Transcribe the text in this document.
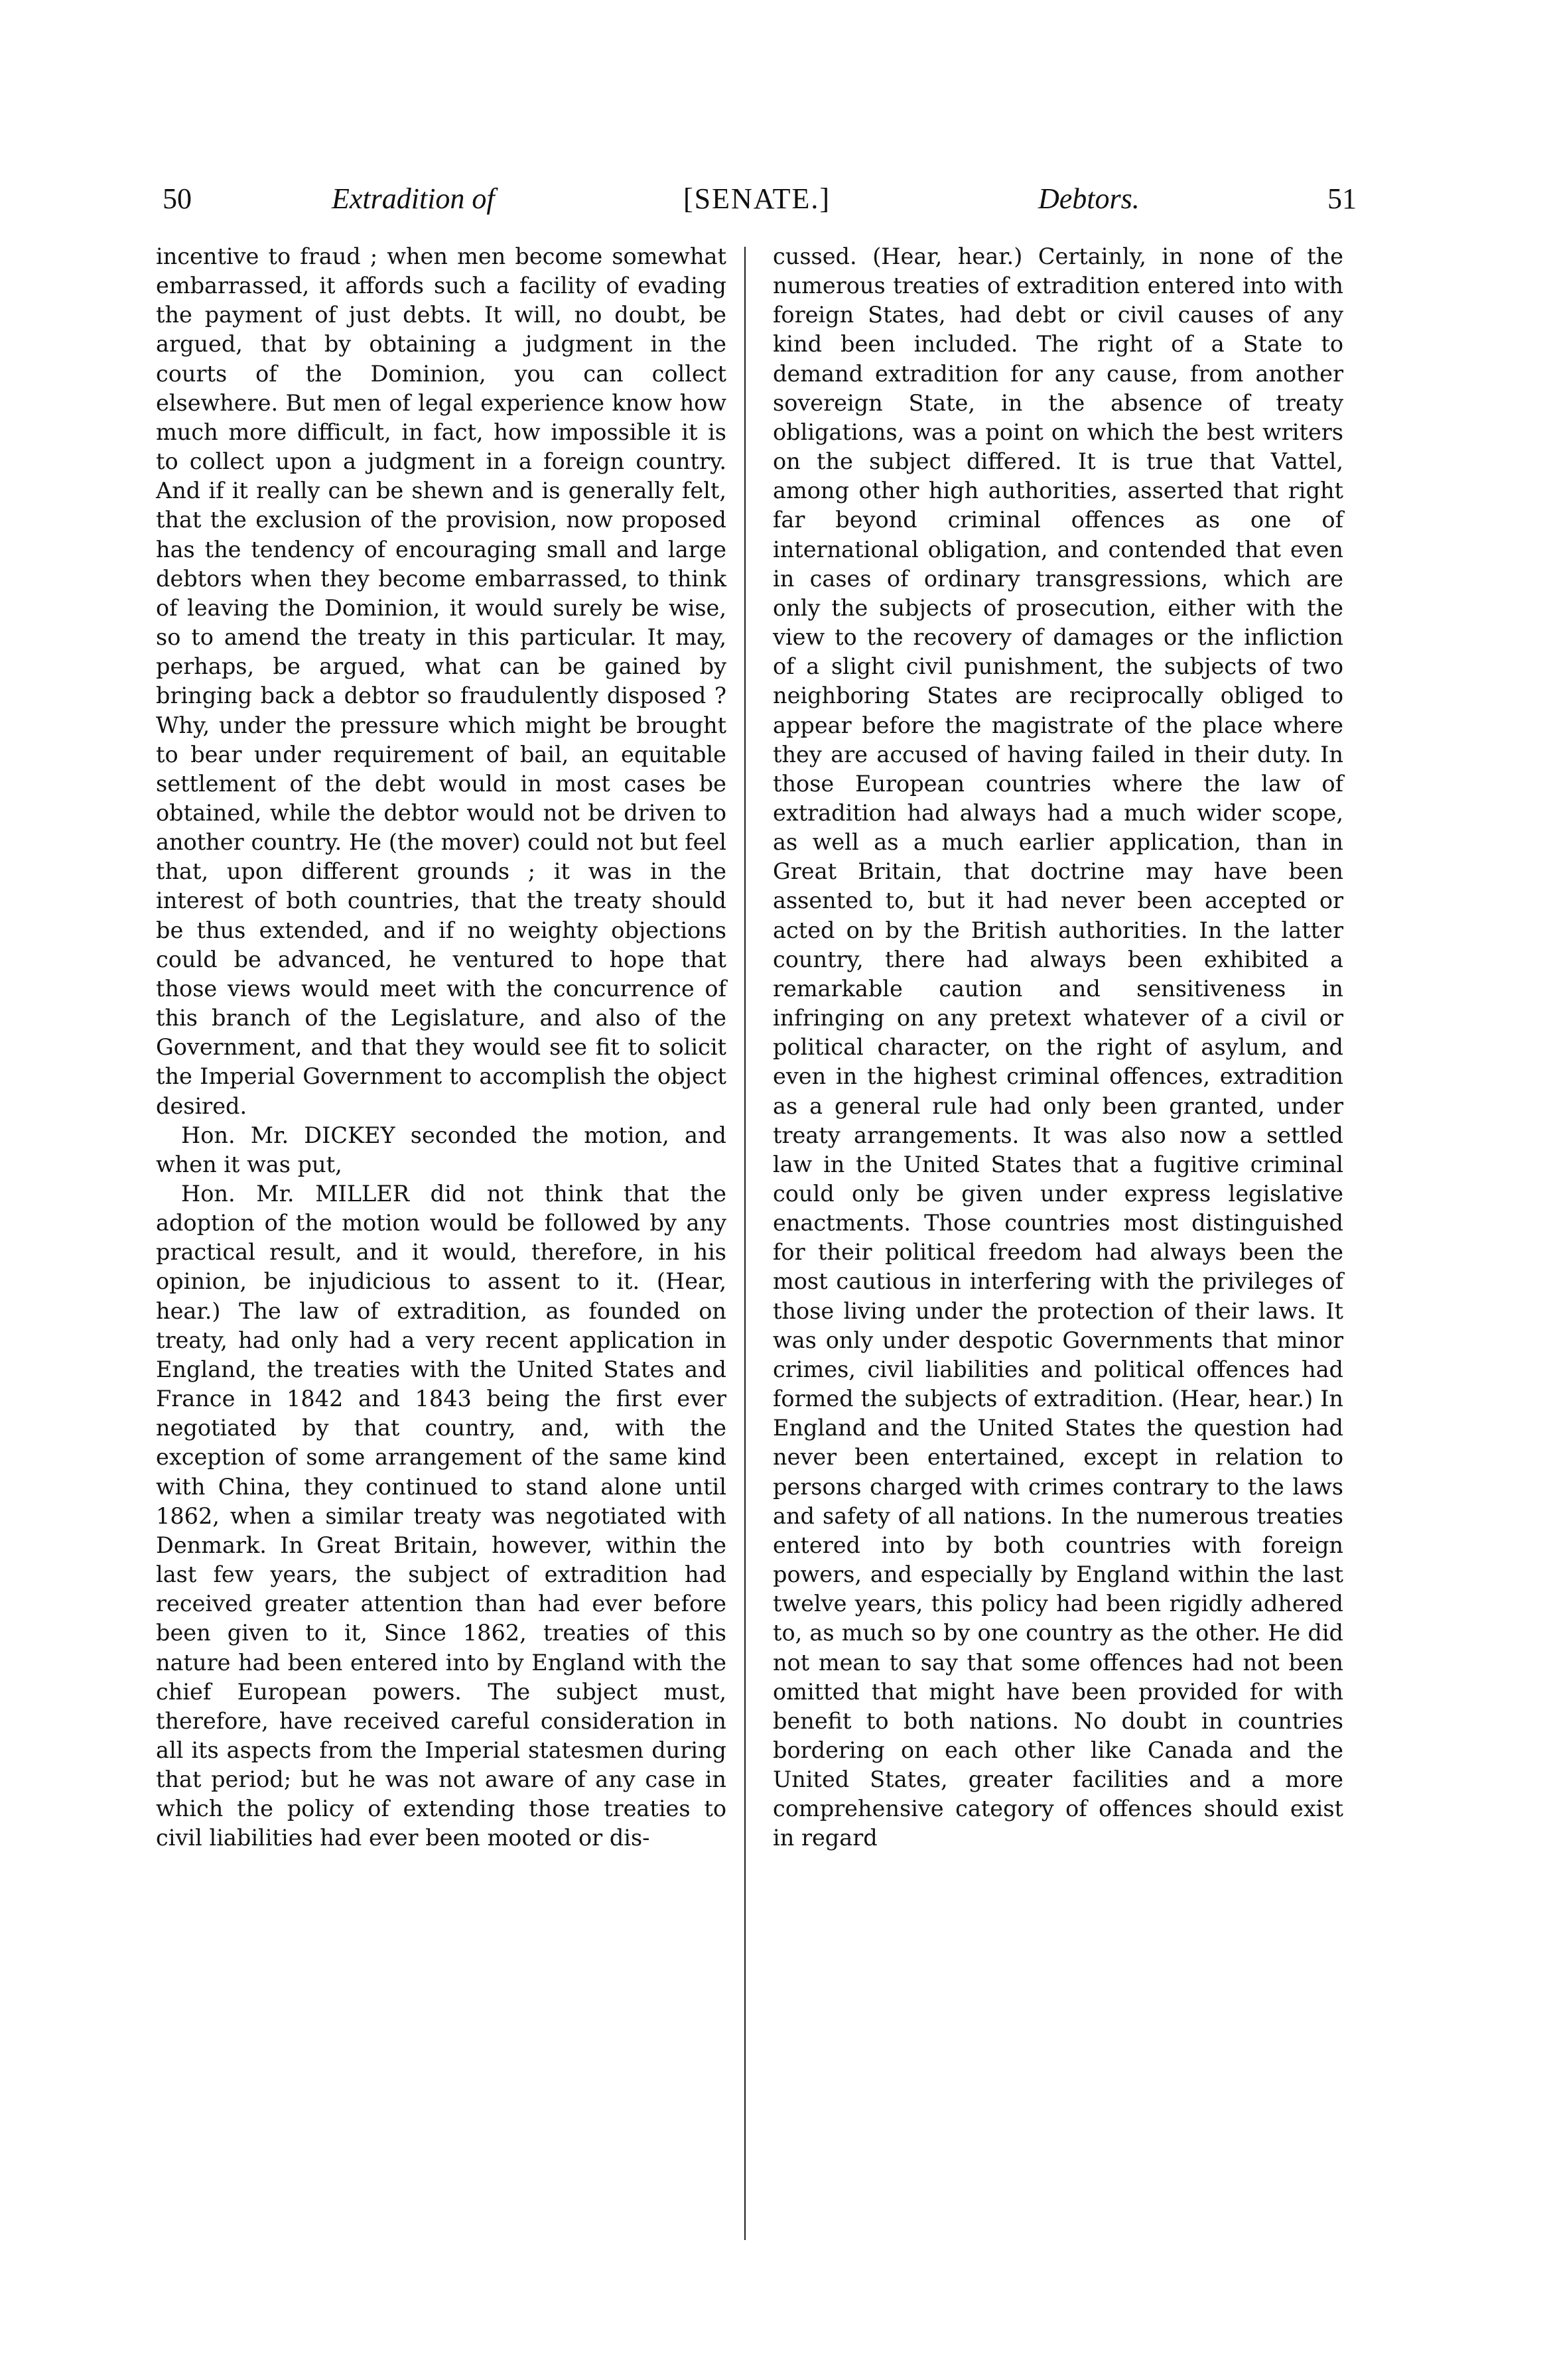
50	Extradition of	[SENATE.]	Debtors.	51

incentive to fraud ; when men become somewhat embarrassed, it affords such a facility of evading the payment of just debts. It will, no doubt, be argued, that by obtaining a judgment in the courts of the Dominion, you can collect elsewhere. But men of legal experience know how much more difficult, in fact, how impossible it is to collect upon a judgment in a foreign country. And if it really can be shewn and is generally felt, that the exclusion of the provision, now proposed has the tendency of encouraging small and large debtors when they become embarrassed, to think of leaving the Dominion, it would surely be wise, so to amend the treaty in this particular. It may, perhaps, be argued, what can be gained by bringing back a debtor so fraudulently disposed ? Why, under the pressure which might be brought to bear under requirement of bail, an equitable settlement of the debt would in most cases be obtained, while the debtor would not be driven to another country. He (the mover) could not but feel that, upon different grounds ; it was in the interest of both countries, that the treaty should be thus extended, and if no weighty objections could be advanced, he ventured to hope that those views would meet with the concurrence of this branch of the Legislature, and also of the Government, and that they would see fit to solicit the Imperial Government to accomplish the object desired.

Hon. Mr. DICKEY seconded the motion, and when it was put,

Hon. Mr. MILLER did not think that the adoption of the motion would be followed by any practical result, and it would, therefore, in his opinion, be injudicious to assent to it. (Hear, hear.) The law of extradition, as founded on treaty, had only had a very recent application in England, the treaties with the United States and France in 1842 and 1843 being the first ever negotiated by that country, and, with the exception of some arrangement of the same kind with China, they continued to stand alone until 1862, when a similar treaty was negotiated with Denmark. In Great Britain, however, within the last few years, the subject of extradition had received greater attention than had ever before been given to it, Since 1862, treaties of this nature had been entered into by England with the chief European powers. The subject must, therefore, have received careful consideration in all its aspects from the Imperial statesmen during that period; but he was not aware of any case in which the policy of extending those treaties to civil liabilities had ever been mooted or dis-

cussed. (Hear, hear.) Certainly, in none of the numerous treaties of extradition entered into with foreign States, had debt or civil causes of any kind been included. The right of a State to demand extradition for any cause, from another sovereign State, in the absence of treaty obligations, was a point on which the best writers on the subject differed. It is true that Vattel, among other high authorities, asserted that right far beyond criminal offences as one of international obligation, and contended that even in cases of ordinary transgressions, which are only the subjects of prosecution, either with the view to the recovery of damages or the infliction of a slight civil punishment, the subjects of two neighboring States are reciprocally obliged to appear before the magistrate of the place where they are accused of having failed in their duty. In those European countries where the law of extradition had always had a much wider scope, as well as a much earlier application, than in Great Britain, that doctrine may have been assented to, but it had never been accepted or acted on by the British authorities. In the latter country, there had always been exhibited a remarkable caution and sensitiveness in infringing on any pretext whatever of a civil or political character, on the right of asylum, and even in the highest criminal offences, extradition as a general rule had only been granted, under treaty arrangements. It was also now a settled law in the United States that a fugitive criminal could only be given under express legislative enactments. Those countries most distinguished for their political freedom had always been the most cautious in interfering with the privileges of those living under the protection of their laws. It was only under despotic Governments that minor crimes, civil liabilities and political offences had formed the subjects of extradition. (Hear, hear.) In England and the United States the question had never been entertained, except in relation to persons charged with crimes contrary to the laws and safety of all nations. In the numerous treaties entered into by both countries with foreign powers, and especially by England within the last twelve years, this policy had been rigidly adhered to, as much so by one country as the other. He did not mean to say that some offences had not been omitted that might have been provided for with benefit to both nations. No doubt in countries bordering on each other like Canada and the United States, greater facilities and a more comprehensive category of offences should exist in regard
